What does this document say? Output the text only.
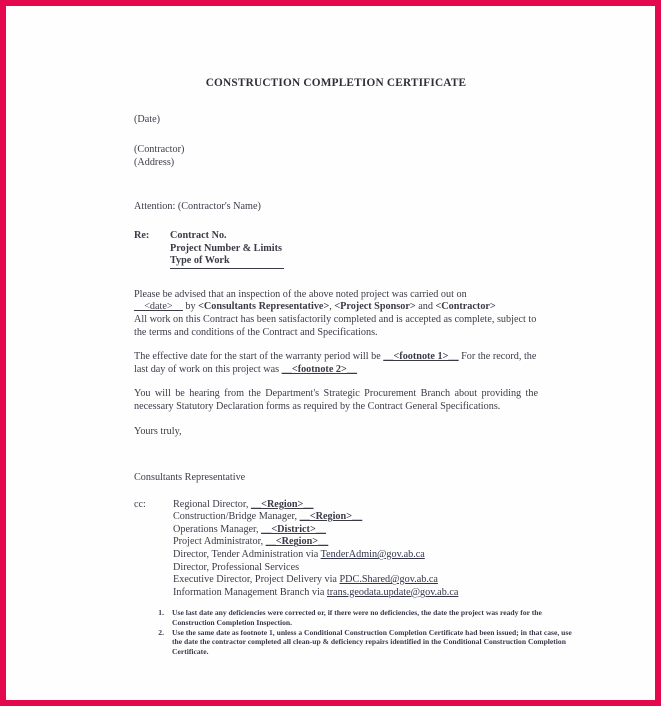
CONSTRUCTION COMPLETION CERTIFICATE
(Date)
(Contractor)
(Address)
Attention: (Contractor's Name)
Re:	Contract No.
Project Number & Limits
Type of Work

Please be advised that an inspection of the above noted project was carried out on
__<date>__ by <Consultants Representative>, <Project Sponsor> and <Contractor>
All work on this Contract has been satisfactorily completed and is accepted as complete, subject to the terms and conditions of the Contract and Specifications.

The effective date for the start of the warranty period will be __<footnote 1>__ For the record, the last day of work on this project was __<footnote 2>__

You will be hearing from the Department's Strategic Procurement Branch about providing the necessary Statutory Declaration forms as required by the Contract General Specifications.

Yours truly,
Consultants Representative
cc:	Regional Director, __<Region>__
Construction/Bridge Manager, __<Region>__
Operations Manager, __<District>__
Project Administrator, __<Region>__
Director, Tender Administration via TenderAdmin@gov.ab.ca
Director, Professional Services
Executive Director, Project Delivery via PDC.Shared@gov.ab.ca
Information Management Branch via trans.geodata.update@gov.ab.ca
1.	Use last date any deficiencies were corrected or, if there were no deficiencies, the date the project was ready for the Construction Completion Inspection.
2.	Use the same date as footnote 1, unless a Conditional Construction Completion Certificate had been issued; in that case, use the date the contractor completed all clean-up & deficiency repairs identified in the Conditional Construction Completion Certificate.
